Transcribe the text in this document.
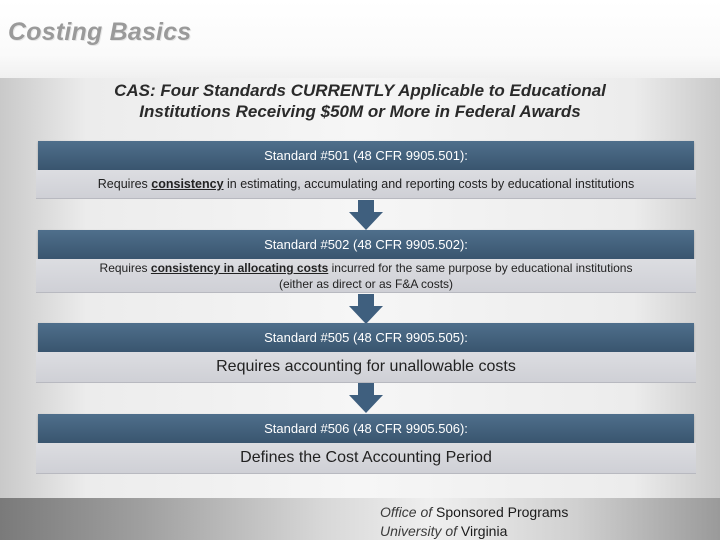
Costing Basics
CAS: Four Standards CURRENTLY Applicable to Educational
Institutions Receiving $50M or More in Federal Awards
Standard #501 (48 CFR 9905.501):
Requires consistency in estimating, accumulating and reporting costs by educational institutions
Standard #502 (48 CFR 9905.502):
Requires consistency in allocating costs incurred for the same purpose by educational institutions
(either as direct or as F&A costs)
Standard #505 (48 CFR 9905.505):
Requires accounting for unallowable costs
Standard #506 (48 CFR 9905.506):
Defines the Cost Accounting Period
Office of Sponsored Programs
University of Virginia
